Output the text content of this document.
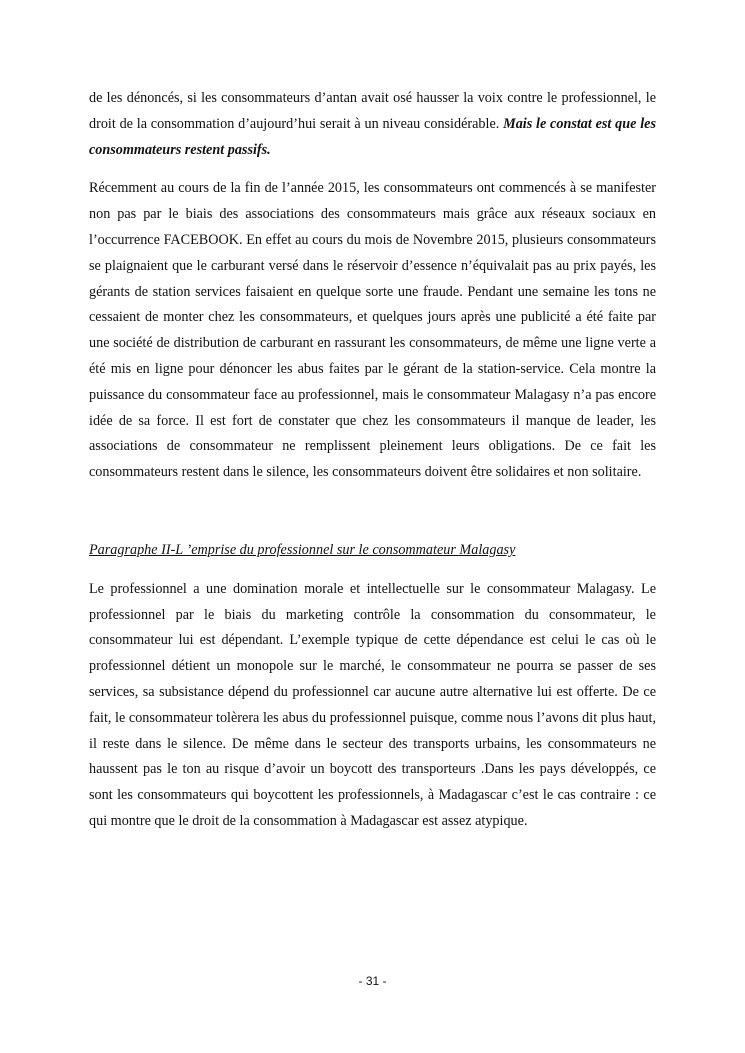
de les dénoncés, si les consommateurs d’antan avait osé hausser la voix contre le professionnel, le droit de la consommation d’aujourd’hui serait à un niveau considérable. Mais le constat est que les consommateurs restent passifs.

Récemment au cours de la fin de l’année 2015, les consommateurs ont commencés à se manifester non pas par le biais des associations des consommateurs mais grâce aux réseaux sociaux en l’occurrence FACEBOOK. En effet au cours du mois de Novembre 2015, plusieurs consommateurs se plaignaient que le carburant versé dans le réservoir d’essence n’équivalait pas au prix payés, les gérants de station services faisaient en quelque sorte une fraude. Pendant une semaine les tons ne cessaient de monter chez les consommateurs, et quelques jours après une publicité a été faite par une société de distribution de carburant en rassurant les consommateurs, de même une ligne verte a été mis en ligne pour dénoncer les abus faites par le gérant de la station-service. Cela montre la puissance du consommateur face au professionnel, mais le consommateur Malagasy n’a pas encore idée de sa force. Il est fort de constater que chez les consommateurs il manque de leader, les associations de consommateur ne remplissent pleinement leurs obligations. De ce fait les consommateurs restent dans le silence, les consommateurs doivent être solidaires et non solitaire.

Paragraphe II-L ’emprise du professionnel sur le consommateur Malagasy

Le professionnel a une domination morale et intellectuelle sur le consommateur Malagasy. Le professionnel par le biais du marketing contrôle la consommation du consommateur, le consommateur lui est dépendant. L’exemple typique de cette dépendance est celui le cas où le professionnel détient un monopole sur le marché, le consommateur ne pourra se passer de ses services, sa subsistance dépend du professionnel car aucune autre alternative lui est offerte. De ce fait, le consommateur tolèrera les abus du professionnel puisque, comme nous l’avons dit plus haut, il reste dans le silence. De même dans le secteur des transports urbains, les consommateurs ne haussent pas le ton au risque d’avoir un boycott des transporteurs .Dans les pays développés, ce sont les consommateurs qui boycottent les professionnels, à Madagascar c’est le cas contraire : ce qui montre que le droit de la consommation à Madagascar est assez atypique.

- 31 -
